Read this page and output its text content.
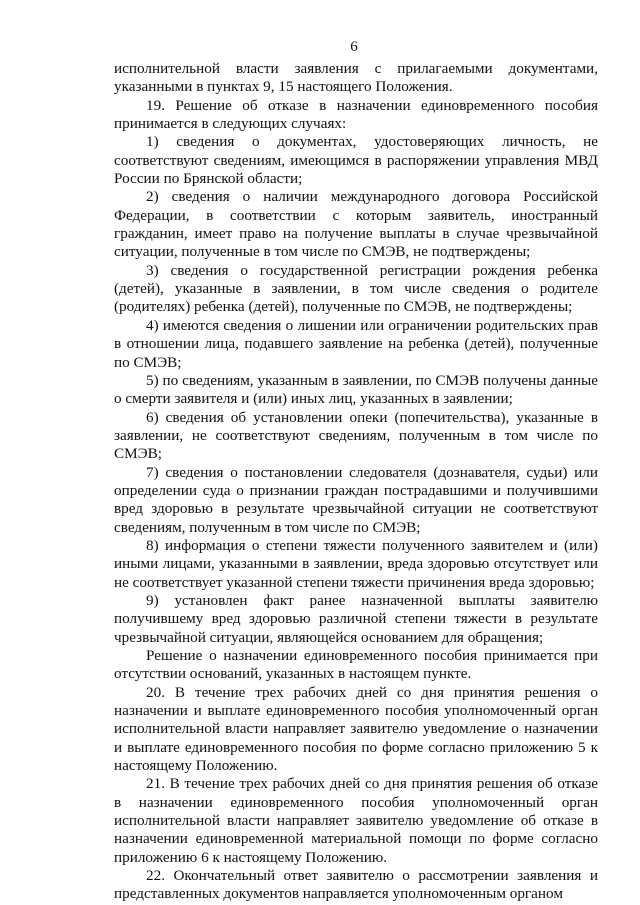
6

исполнительной власти заявления с прилагаемыми документами, указанными в пунктах 9, 15 настоящего Положения.

19. Решение об отказе в назначении единовременного пособия принимается в следующих случаях:

1) сведения о документах, удостоверяющих личность, не соответствуют сведениям, имеющимся в распоряжении управления МВД России по Брянской области;

2) сведения о наличии международного договора Российской Федерации, в соответствии с которым заявитель, иностранный гражданин, имеет право на получение выплаты в случае чрезвычайной ситуации, полученные в том числе по СМЭВ, не подтверждены;

3) сведения о государственной регистрации рождения ребенка (детей), указанные в заявлении, в том числе сведения о родителе (родителях) ребенка (детей), полученные по СМЭВ, не подтверждены;

4) имеются сведения о лишении или ограничении родительских прав в отношении лица, подавшего заявление на ребенка (детей), полученные по СМЭВ;

5) по сведениям, указанным в заявлении, по СМЭВ получены данные о смерти заявителя и (или) иных лиц, указанных в заявлении;

6) сведения об установлении опеки (попечительства), указанные в заявлении, не соответствуют сведениям, полученным в том числе по СМЭВ;

7) сведения о постановлении следователя (дознавателя, судьи) или определении суда о признании граждан пострадавшими и получившими вред здоровью в результате чрезвычайной ситуации не соответствуют сведениям, полученным в том числе по СМЭВ;

8) информация о степени тяжести полученного заявителем и (или) иными лицами, указанными в заявлении, вреда здоровью отсутствует или не соответствует указанной степени тяжести причинения вреда здоровью;

9) установлен факт ранее назначенной выплаты заявителю получившему вред здоровью различной степени тяжести в результате чрезвычайной ситуации, являющейся основанием для обращения;

Решение о назначении единовременного пособия принимается при отсутствии оснований, указанных в настоящем пункте.

20. В течение трех рабочих дней со дня принятия решения о назначении и выплате единовременного пособия уполномоченный орган исполнительной власти направляет заявителю уведомление о назначении и выплате единовременного пособия по форме согласно приложению 5 к настоящему Положению.

21. В течение трех рабочих дней со дня принятия решения об отказе в назначении единовременного пособия уполномоченный орган исполнительной власти направляет заявителю уведомление об отказе в назначении единовременной материальной помощи по форме согласно приложению 6 к настоящему Положению.

22. Окончательный ответ заявителю о рассмотрении заявления и представленных документов направляется уполномоченным органом
